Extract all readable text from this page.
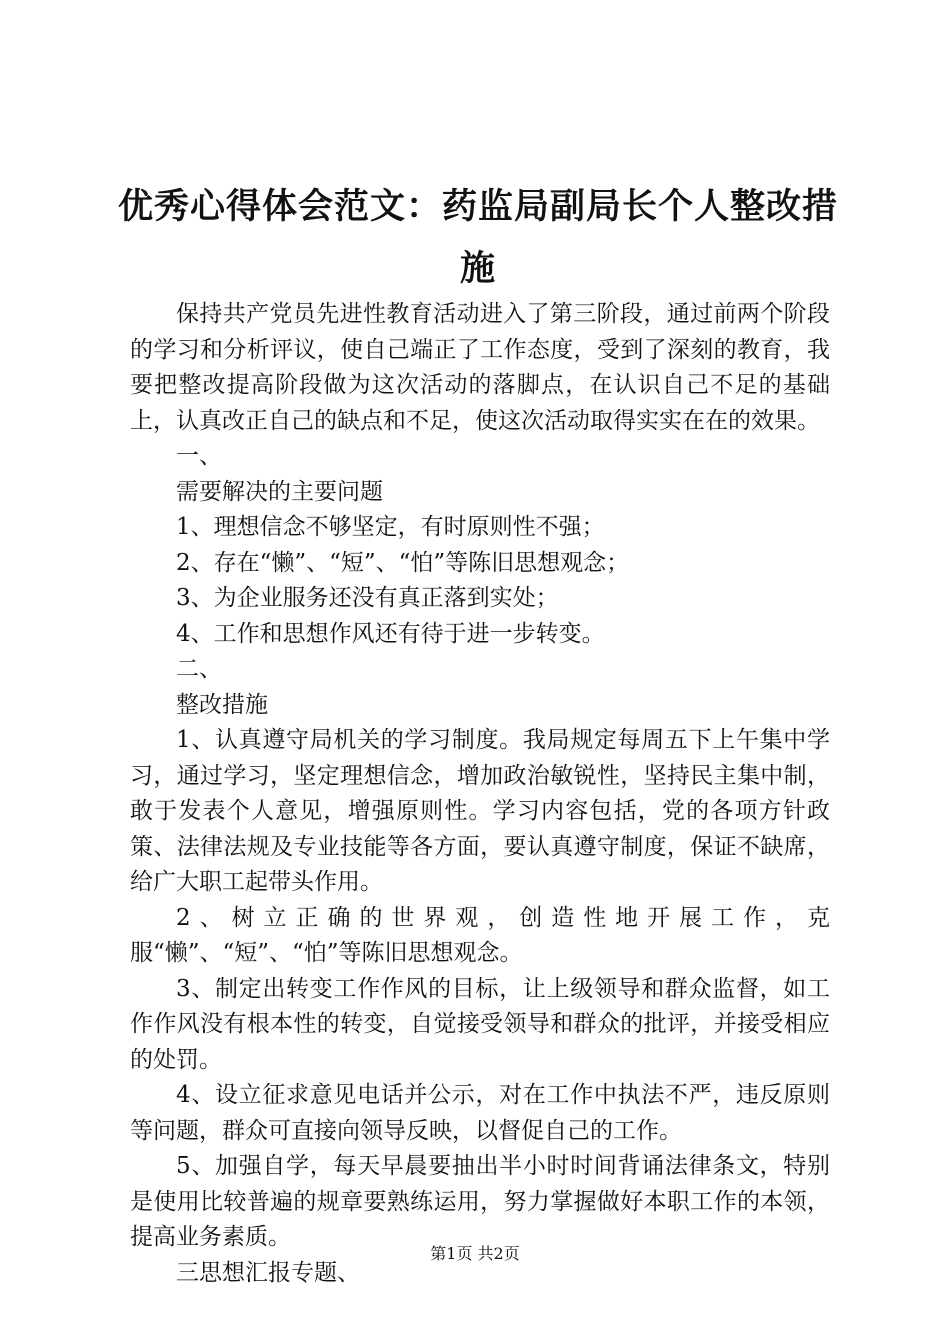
优秀心得体会范文：药监局副局长个人整改措施

保持共产党员先进性教育活动进入了第三阶段，通过前两个阶段的学习和分析评议，使自己端正了工作态度，受到了深刻的教育，我要把整改提高阶段做为这次活动的落脚点，在认识自己不足的基础上，认真改正自己的缺点和不足，使这次活动取得实实在在的效果。

一、

需要解决的主要问题

1、理想信念不够坚定，有时原则性不强；

2、存在“懒”、“短”、“怕”等陈旧思想观念；

3、为企业服务还没有真正落到实处；

4、工作和思想作风还有待于进一步转变。

二、

整改措施

1、认真遵守局机关的学习制度。我局规定每周五下上午集中学习，通过学习，坚定理想信念，增加政治敏锐性，坚持民主集中制，敢于发表个人意见，增强原则性。学习内容包括，党的各项方针政策、法律法规及专业技能等各方面，要认真遵守制度，保证不缺席，给广大职工起带头作用。

2、树立正确的世界观，创造性地开展工作，克服“懒”、“短”、“怕”等陈旧思想观念。

3、制定出转变工作作风的目标，让上级领导和群众监督，如工作作风没有根本性的转变，自觉接受领导和群众的批评，并接受相应的处罚。

4、设立征求意见电话并公示，对在工作中执法不严，违反原则等问题，群众可直接向领导反映，以督促自己的工作。

5、加强自学，每天早晨要抽出半小时时间背诵法律条文，特别是使用比较普遍的规章要熟练运用，努力掌握做好本职工作的本领，提高业务素质。

三思想汇报专题、

第1页 共2页
